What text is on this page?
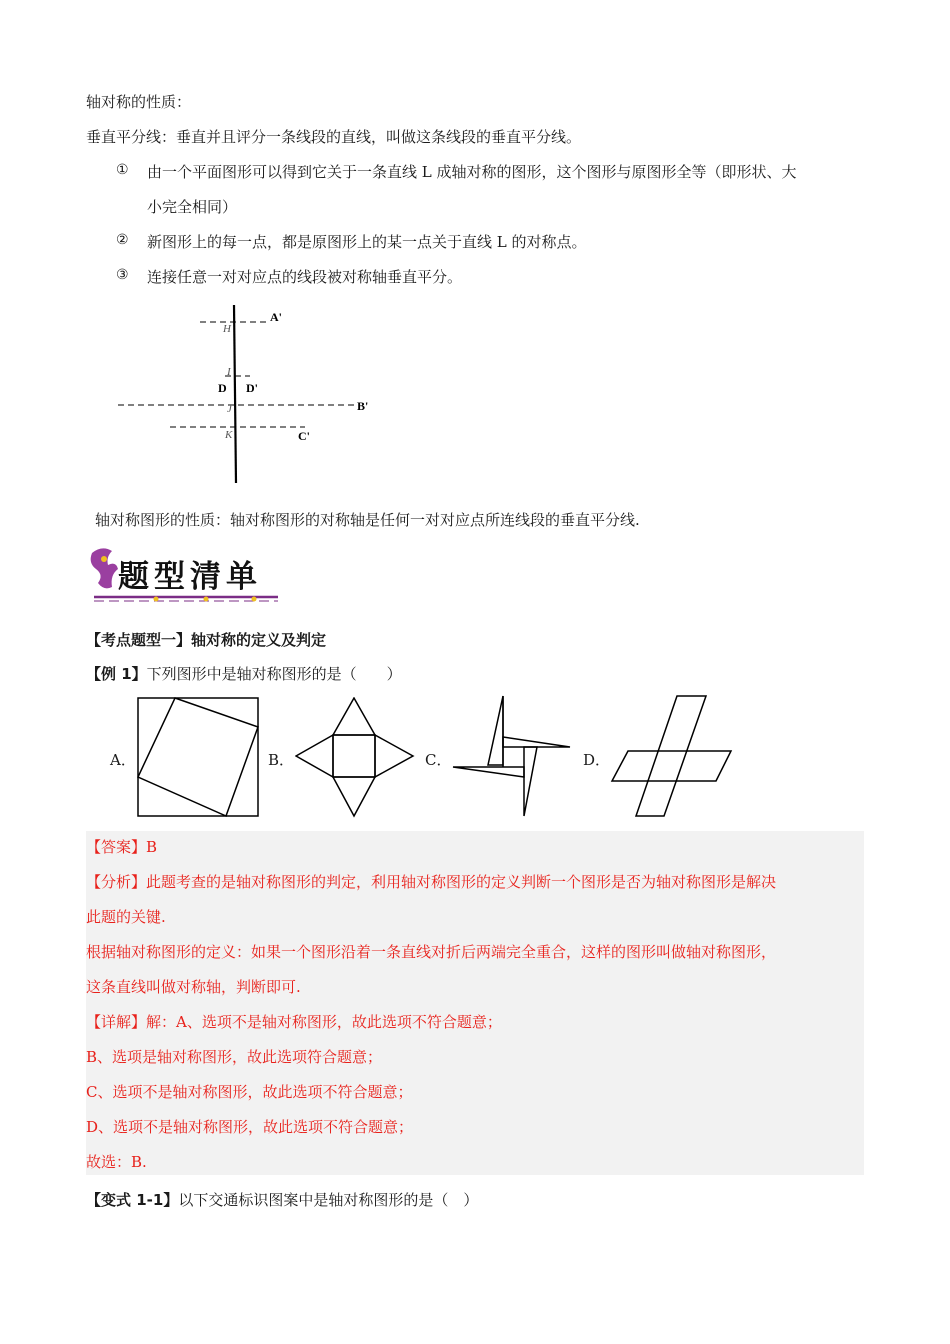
轴对称的性质：
垂直平分线：垂直并且评分一条线段的直线，叫做这条线段的垂直平分线。
① 由一个平面图形可以得到它关于一条直线 L 成轴对称的图形，这个图形与原图形全等（即形状、大
小完全相同）
② 新图形上的每一点，都是原图形上的某一点关于直线 L 的对称点。
③ 连接任意一对对应点的线段被对称轴垂直平分。
A'
H
I
D D'
J	B'
K	C'
轴对称图形的性质：轴对称图形的对称轴是任何一对对应点所连线段的垂直平分线.
题型清单
【考点题型一】轴对称的定义及判定
【例 1】下列图形中是轴对称图形的是（　　）
A．	B．	C．	D．
【答案】B
【分析】此题考查的是轴对称图形的判定，利用轴对称图形的定义判断一个图形是否为轴对称图形是解决
此题的关键.
根据轴对称图形的定义：如果一个图形沿着一条直线对折后两端完全重合，这样的图形叫做轴对称图形，
这条直线叫做对称轴，判断即可.
【详解】解：A、选项不是轴对称图形，故此选项不符合题意；
B、选项是轴对称图形，故此选项符合题意；
C、选项不是轴对称图形，故此选项不符合题意；
D、选项不是轴对称图形，故此选项不符合题意；
故选：B.
【变式 1-1】以下交通标识图案中是轴对称图形的是（　）
